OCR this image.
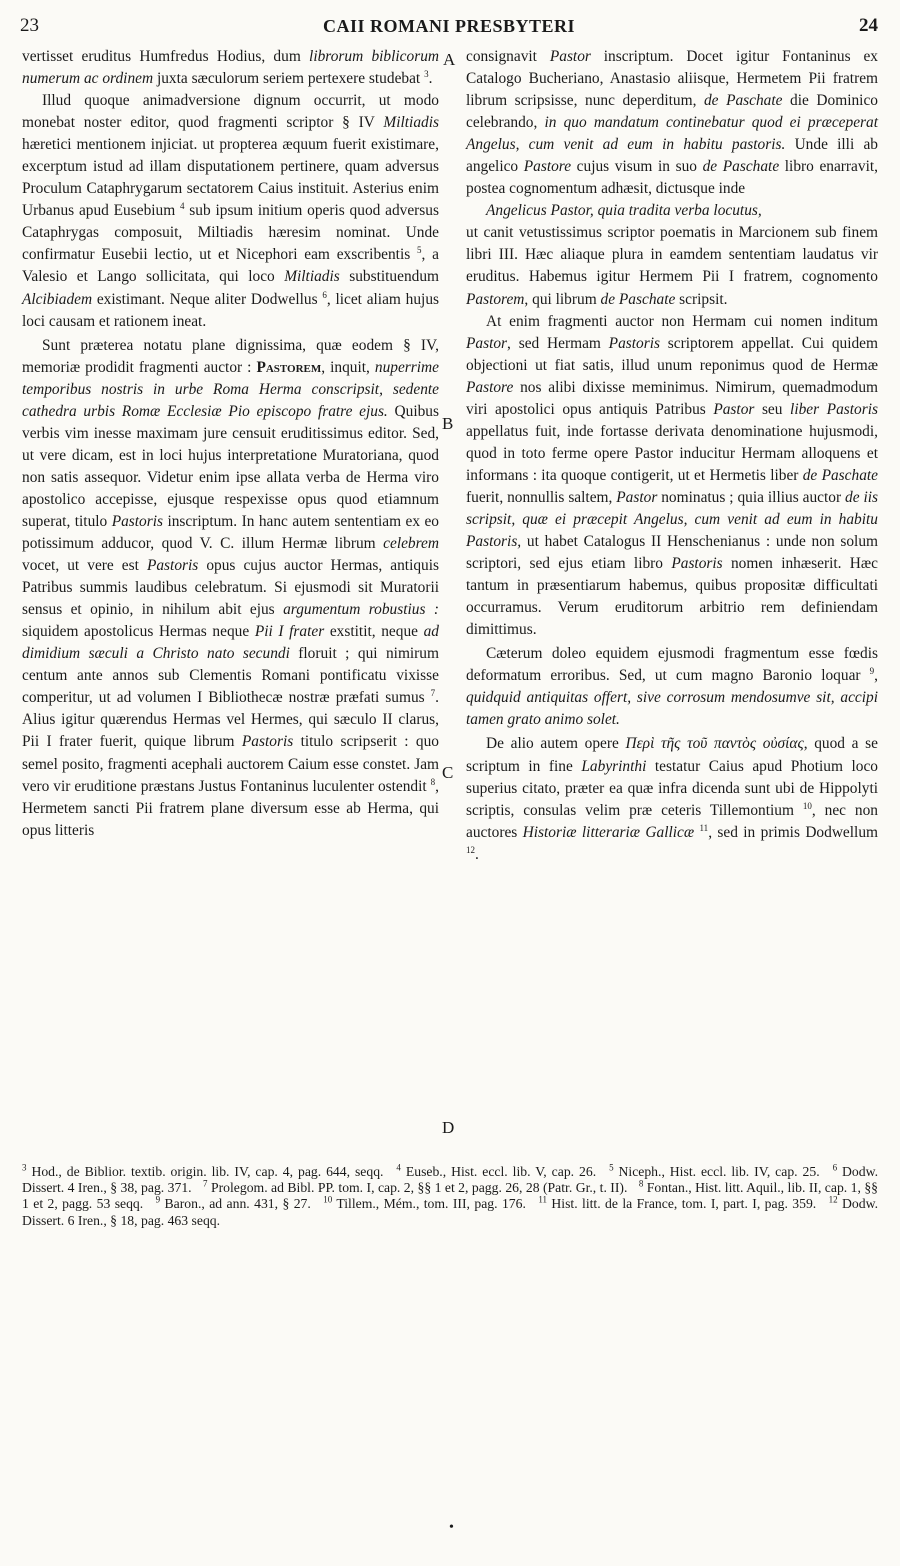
23	CAII ROMANI PRESBYTERI	24
A
B
C
D

vertisset eruditus Humfredus Hodius, dum librorum biblicorum numerum ac ordinem juxta sæculorum seriem pertexere studebat $^3$.

Illud quoque animadversione dignum occurrit, ut modo monebat noster editor, quod fragmenti scriptor § IV Miltiadis hæretici mentionem injiciat. ut propterea æquum fuerit existimare, excerptum istud ad illam disputationem pertinere, quam adversus Proculum Cataphrygarum sectatorem Caius instituit. Asterius enim Urbanus apud Eusebium $^4$ sub ipsum initium operis quod adversus Cataphrygas composuit, Miltiadis hæresim nominat. Unde confirmatur Eusebii lectio, ut et Nicephori eam exscribentis $^5$, a Valesio et Lango sollicitata, qui loco Miltiadis substituendum Alcibiadem existimant. Neque aliter Dodwellus $^6$, licet aliam hujus loci causam et rationem ineat.

Sunt præterea notatu plane dignissima, quæ eodem § IV, memoriæ prodidit fragmenti auctor : Pastorem, inquit, nuperrime temporibus nostris in urbe Roma Herma conscripsit, sedente cathedra urbis Romæ Ecclesiæ Pio episcopo fratre ejus. Quibus verbis vim inesse maximam jure censuit eruditissimus editor. Sed, ut vere dicam, est in loci hujus interpretatione Muratoriana, quod non satis assequor. Videtur enim ipse allata verba de Herma viro apostolico accepisse, ejusque respexisse opus quod etiamnum superat, titulo Pastoris inscriptum. In hanc autem sententiam ex eo potissimum adducor, quod V. C. illum Hermæ librum celebrem vocet, ut vere est Pastoris opus cujus auctor Hermas, antiquis Patribus summis laudibus celebratum. Si ejusmodi sit Muratorii sensus et opinio, in nihilum abit ejus argumentum robustius : siquidem apostolicus Hermas neque Pii I frater exstitit, neque ad dimidium sæculi a Christo nato secundi floruit ; qui nimirum centum ante annos sub Clementis Romani pontificatu vixisse comperitur, ut ad volumen I Bibliothecæ nostræ præfati sumus $^7$. Alius igitur quærendus Hermas vel Hermes, qui sæculo II clarus, Pii I frater fuerit, quique librum Pastoris titulo scripserit : quo semel posito, fragmenti acephali auctorem Caium esse constet. Jam vero vir eruditione præstans Justus Fontaninus luculenter ostendit $^8$, Hermetem sancti Pii fratrem plane diversum esse ab Herma, qui opus litteris

consignavit Pastor inscriptum. Docet igitur Fontaninus ex Catalogo Bucheriano, Anastasio aliisque, Hermetem Pii fratrem librum scripsisse, nunc deperditum, de Paschate die Dominico celebrando, in quo mandatum continebatur quod ei præceperat Angelus, cum venit ad eum in habitu pastoris. Unde illi ab angelico Pastore cujus visum in suo de Paschate libro enarravit, postea cognomentum adhæsit, dictusque inde

Angelicus Pastor, quia tradita verba locutus,

ut canit vetustissimus scriptor poematis in Marcionem sub finem libri III. Hæc aliaque plura in eamdem sententiam laudatus vir eruditus. Habemus igitur Hermem Pii I fratrem, cognomento Pastorem, qui librum de Paschate scripsit.

At enim fragmenti auctor non Hermam cui nomen inditum Pastor, sed Hermam Pastoris scriptorem appellat. Cui quidem objectioni ut fiat satis, illud unum reponimus quod de Hermæ Pastore nos alibi dixisse meminimus. Nimirum, quemadmodum viri apostolici opus antiquis Patribus Pastor seu liber Pastoris appellatus fuit, inde fortasse derivata denominatione hujusmodi, quod in toto ferme opere Pastor inducitur Hermam alloquens et informans : ita quoque contigerit, ut et Hermetis liber de Paschate fuerit, nonnullis saltem, Pastor nominatus ; quia illius auctor de iis scripsit, quæ ei præcepit Angelus, cum venit ad eum in habitu Pastoris, ut habet Catalogus II Henschenianus : unde non solum scriptori, sed ejus etiam libro Pastoris nomen inhæserit. Hæc tantum in præsentiarum habemus, quibus propositæ difficultati occurramus. Verum eruditorum arbitrio rem definiendam dimittimus.

Cæterum doleo equidem ejusmodi fragmentum esse fœdis deformatum erroribus. Sed, ut cum magno Baronio loquar $^9$, quidquid antiquitas offert, sive corrosum mendosumve sit, accipi tamen grato animo solet.

De alio autem opere Περὶ τῆς τοῦ παντὸς οὐσίας, quod a se scriptum in fine Labyrinthi testatur Caius apud Photium loco superius citato, præter ea quæ infra dicenda sunt ubi de Hippolyti scriptis, consulas velim præ ceteris Tillemontium $^{10}$, nec non auctores Historiæ litterariæ Gallicæ $^{11}$, sed in primis Dodwellum $^{12}$.

$^3$ Hod., de Biblior. textib. origin. lib. IV, cap. 4, pag. 644, seqq. $^4$ Euseb., Hist. eccl. lib. V, cap. 26. $^5$ Niceph., Hist. eccl. lib. IV, cap. 25. $^6$ Dodw. Dissert. 4 Iren., § 38, pag. 371. $^7$ Prolegom. ad Bibl. PP. tom. I, cap. 2, §§ 1 et 2, pagg. 26, 28 (Patr. Gr., t. II). $^8$ Fontan., Hist. litt. Aquil., lib. II, cap. 1, §§ 1 et 2, pagg. 53 seqq. $^9$ Baron., ad ann. 431, § 27. $^{10}$ Tillem., Mém., tom. III, pag. 176. $^{11}$ Hist. litt. de la France, tom. I, part. I, pag. 359. $^{12}$ Dodw. Dissert. 6 Iren., § 18, pag. 463 seqq.
•
